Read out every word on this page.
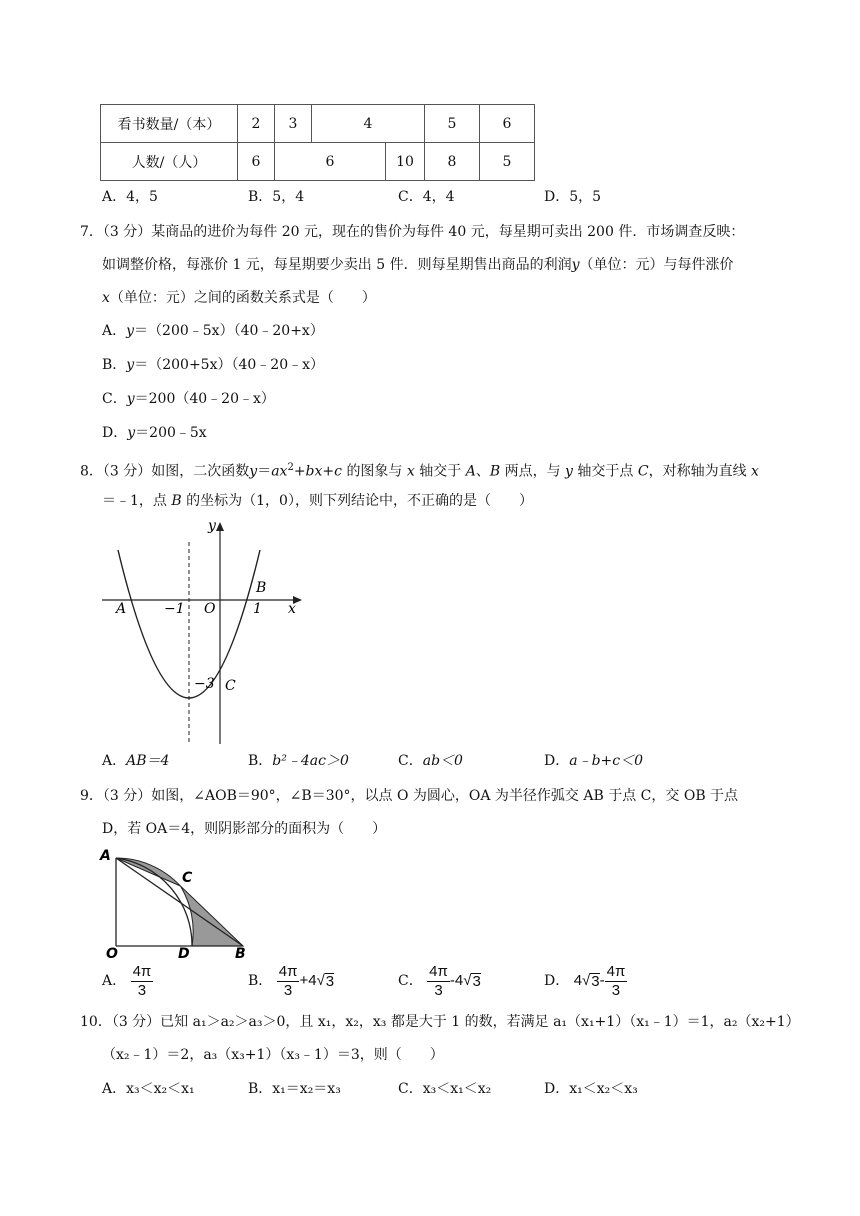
看书数量/（本）	2	3	4		5	6
人数/（人）	6	6		10	8	5
A．4，5	B．5，4	C．4，4	D．5，5
7．（3 分）某商品的进价为每件 20 元，现在的售价为每件 40 元，每星期可卖出 200 件．市场调查反映：
如调整价格，每涨价 1 元，每星期要少卖出 5 件．则每星期售出商品的利润y（单位：元）与每件涨价
x（单位：元）之间的函数关系式是（　　）
A．y＝（200﹣5x）（40﹣20+x）
B．y＝（200+5x）（40﹣20﹣x）
C．y＝200（40﹣20﹣x）
D．y＝200﹣5x
8．（3 分）如图，二次函数$y=ax^2+bx+c$ 的图象与 x 轴交于 A、B 两点，与 y 轴交于点 C，对称轴为直线 x
＝﹣1，点 B 的坐标为（1，0），则下列结论中，不正确的是（　　）
y
x
A	−1 O
B
1
−3 C
A．AB＝4	B．b²﹣4ac＞0	C．ab＜0	D．a﹣b+c＜0
9．（3 分）如图，∠AOB＝90°，∠B＝30°，以点 O 为圆心，OA 为半径作弧交 AB 于点 C，交 OB 于点
D，若 OA＝4，则阴影部分的面积为（　　）
A
C
O	D	B
A． $\frac{4\pi}{3}$	B． $\frac{4\pi}{3} +4√3$	C． $\frac{4\pi}{3} -4√3$	D． $4√3- \frac{4\pi}{3}$
10．（3 分）已知 a₁＞a₂＞a₃＞0，且 x₁，x₂，x₃ 都是大于 1 的数，若满足 a₁（x₁+1）（x₁﹣1）＝1，a₂（x₂+1）
（x₂﹣1）＝2，a₃（x₃+1）（x₃﹣1）＝3，则（　　）
A．x₃＜x₂＜x₁	B．x₁＝x₂＝x₃	C．x₃＜x₁＜x₂	D．x₁＜x₂＜x₃
